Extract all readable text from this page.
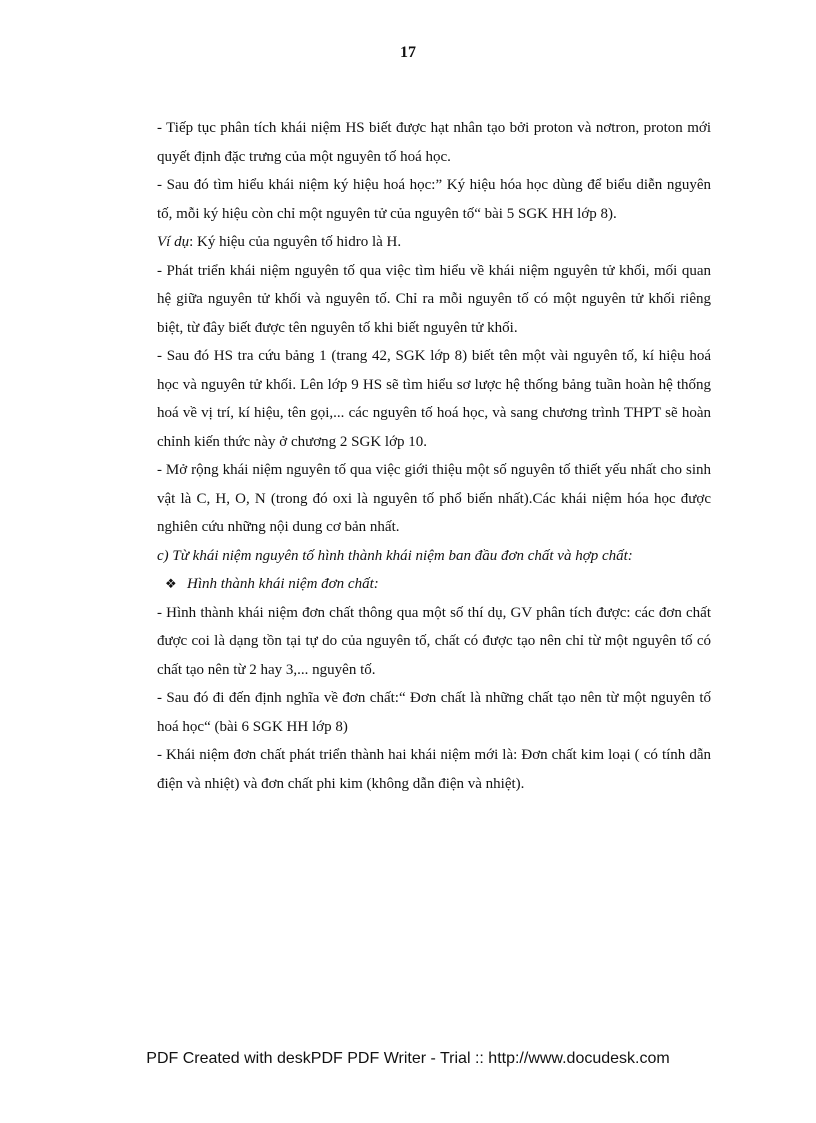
17

- Tiếp tục phân tích khái niệm HS biết được hạt nhân tạo bởi proton và nơtron, proton mới quyết định đặc trưng của một nguyên tố hoá học.

- Sau đó tìm hiểu khái niệm ký hiệu hoá học:” Ký hiệu hóa học dùng để biểu diễn nguyên tố, mỗi ký hiệu còn chỉ một nguyên tử của nguyên tố“ bài 5 SGK HH lớp 8).

Ví dụ: Ký hiệu của nguyên tố hidro là H.

- Phát triển khái niệm nguyên tố qua việc tìm hiểu về khái niệm nguyên tử khối, mối quan hệ giữa nguyên tử khối và nguyên tố. Chỉ ra mỗi nguyên tố có một nguyên tử khối riêng biệt, từ đây biết được tên nguyên tố khi biết nguyên tử khối.

- Sau đó HS tra cứu bảng 1 (trang 42, SGK lớp 8) biết tên một vài nguyên tố, kí hiệu hoá học và nguyên tử khối. Lên lớp 9 HS sẽ tìm hiểu sơ lược hệ thống bảng tuần hoàn hệ thống hoá về vị trí, kí hiệu, tên gọi,... các nguyên tố hoá học, và sang chương trình THPT sẽ hoàn chỉnh kiến thức này ở chương 2 SGK lớp 10.

- Mở rộng khái niệm nguyên tố qua việc giới thiệu một số nguyên tố thiết yếu nhất cho sinh vật là C, H, O, N (trong đó oxi là nguyên tố phổ biến nhất).Các khái niệm hóa học được nghiên cứu những nội dung cơ bản nhất.

c) Từ khái niệm nguyên tố hình thành khái niệm ban đầu đơn chất và hợp chất:

❖ Hình thành khái niệm đơn chất:

- Hình thành khái niệm đơn chất thông qua một số thí dụ, GV phân tích được: các đơn chất được coi là dạng tồn tại tự do của nguyên tố, chất có được tạo nên chỉ từ một nguyên tố có chất tạo nên từ 2 hay 3,... nguyên tố.

- Sau đó đi đến định nghĩa về đơn chất:“ Đơn chất là những chất tạo nên từ một nguyên tố hoá học“ (bài 6 SGK HH lớp 8)

- Khái niệm đơn chất phát triển thành hai khái niệm mới là: Đơn chất kim loại ( có tính dẫn điện và nhiệt) và đơn chất phi kim (không dẫn điện và nhiệt).

PDF Created with deskPDF PDF Writer - Trial :: http://www.docudesk.com
